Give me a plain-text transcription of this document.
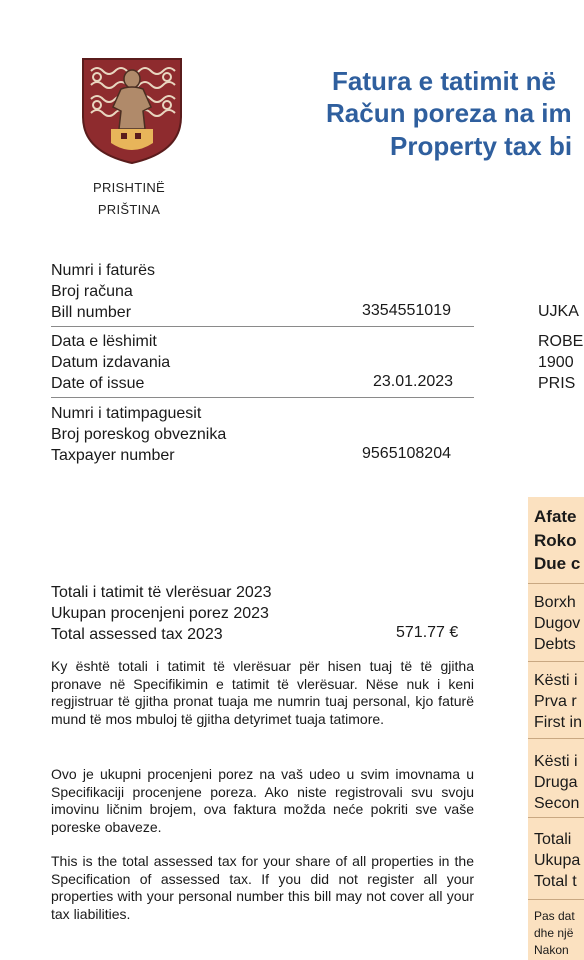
PRISHTINË
PRIŠTINA
Fatura e tatimit në
Račun poreza na im
Property tax bi
Numri i faturës
Broj računa
Bill number	3354551019
Data e lëshimit
Datum izdavania
Date of issue	23.01.2023
Numri i tatimpaguesit
Broj poreskog obveznika
Taxpayer number	9565108204
UJKA
ROBE
1900
PRIS
Totali i tatimit të vlerësuar 2023
Ukupan procenjeni porez 2023
Total assessed tax 2023	571.77 €
Ky është totali i tatimit të vlerësuar për hisen tuaj të të gjitha pronave në Specifikimin e tatimit të vlerësuar. Nëse nuk i keni regjistruar të gjitha pronat tuaja me numrin tuaj personal, kjo faturë mund të mos mbuloj të gjitha detyrimet tuaja tatimore.
Ovo je ukupni procenjeni porez na vaš udeo u svim imovnama u Specifikaciji procenjene poreza. Ako niste registrovali svu svoju imovinu ličnim brojem, ova faktura možda neće pokriti sve vaše poreske obaveze.
This is the total assessed tax for your share of all properties in the Specification of assessed tax. If you did not register all your properties with your personal number this bill may not cover all your tax liabilities.
Afate
Roko
Due c
Borxh
Dugov
Debts
Kësti i
Prva r
First in
Kësti i
Druga
Secon
Totali
Ukupa
Total t
Pas dat
dhe një
Nakon
